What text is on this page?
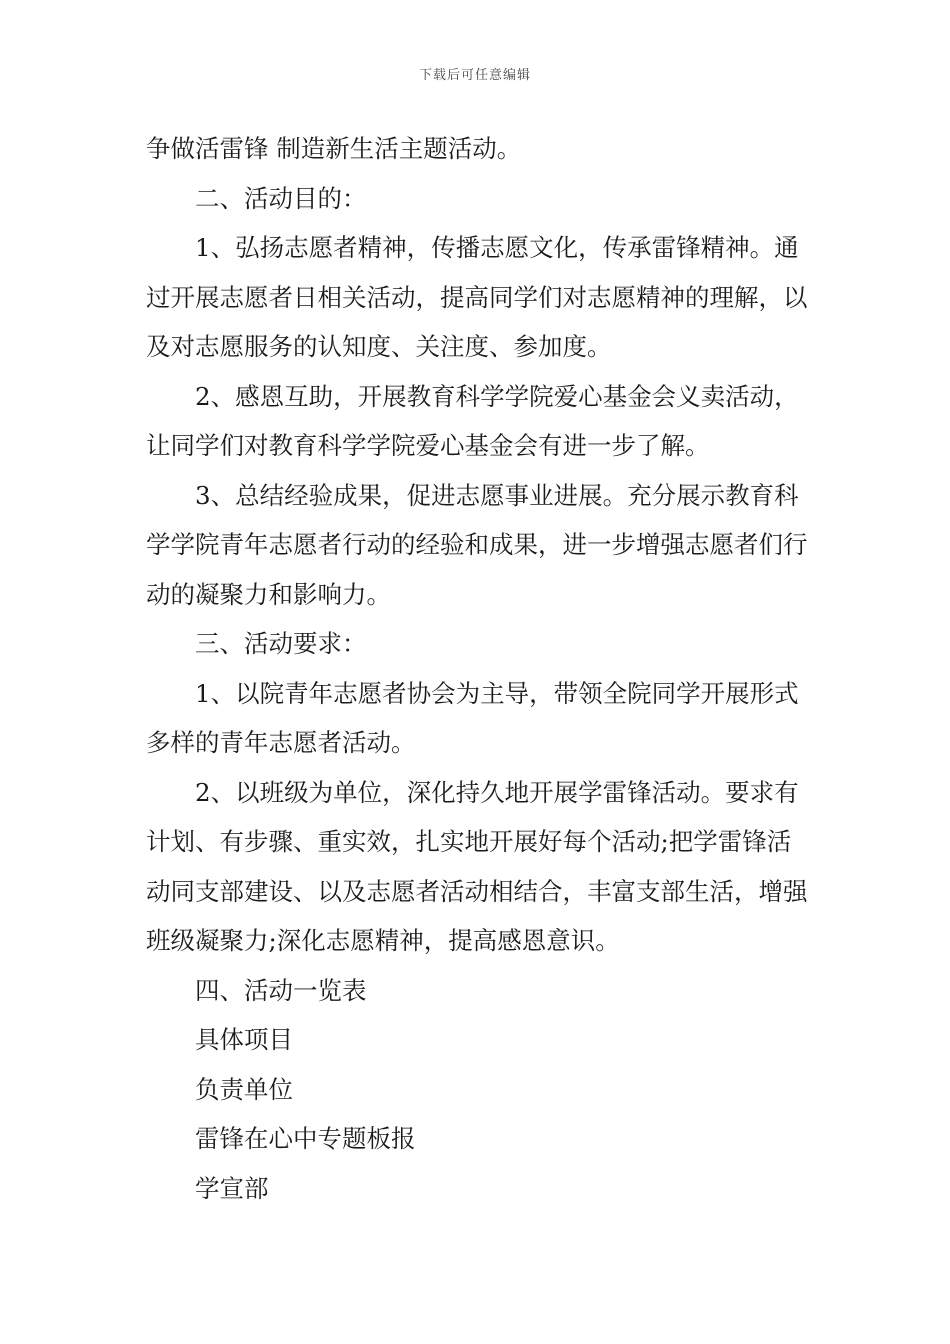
下载后可任意编辑

争做活雷锋 制造新生活主题活动。

二、活动目的：

1、弘扬志愿者精神，传播志愿文化，传承雷锋精神。通过开展志愿者日相关活动，提高同学们对志愿精神的理解，以及对志愿服务的认知度、关注度、参加度。

2、感恩互助，开展教育科学学院爱心基金会义卖活动，让同学们对教育科学学院爱心基金会有进一步了解。

3、总结经验成果，促进志愿事业进展。充分展示教育科学学院青年志愿者行动的经验和成果，进一步增强志愿者们行动的凝聚力和影响力。

三、活动要求：

1、以院青年志愿者协会为主导，带领全院同学开展形式多样的青年志愿者活动。

2、以班级为单位，深化持久地开展学雷锋活动。要求有计划、有步骤、重实效，扎实地开展好每个活动;把学雷锋活动同支部建设、以及志愿者活动相结合，丰富支部生活，增强班级凝聚力;深化志愿精神，提高感恩意识。

四、活动一览表

具体项目

负责单位

雷锋在心中专题板报

学宣部
